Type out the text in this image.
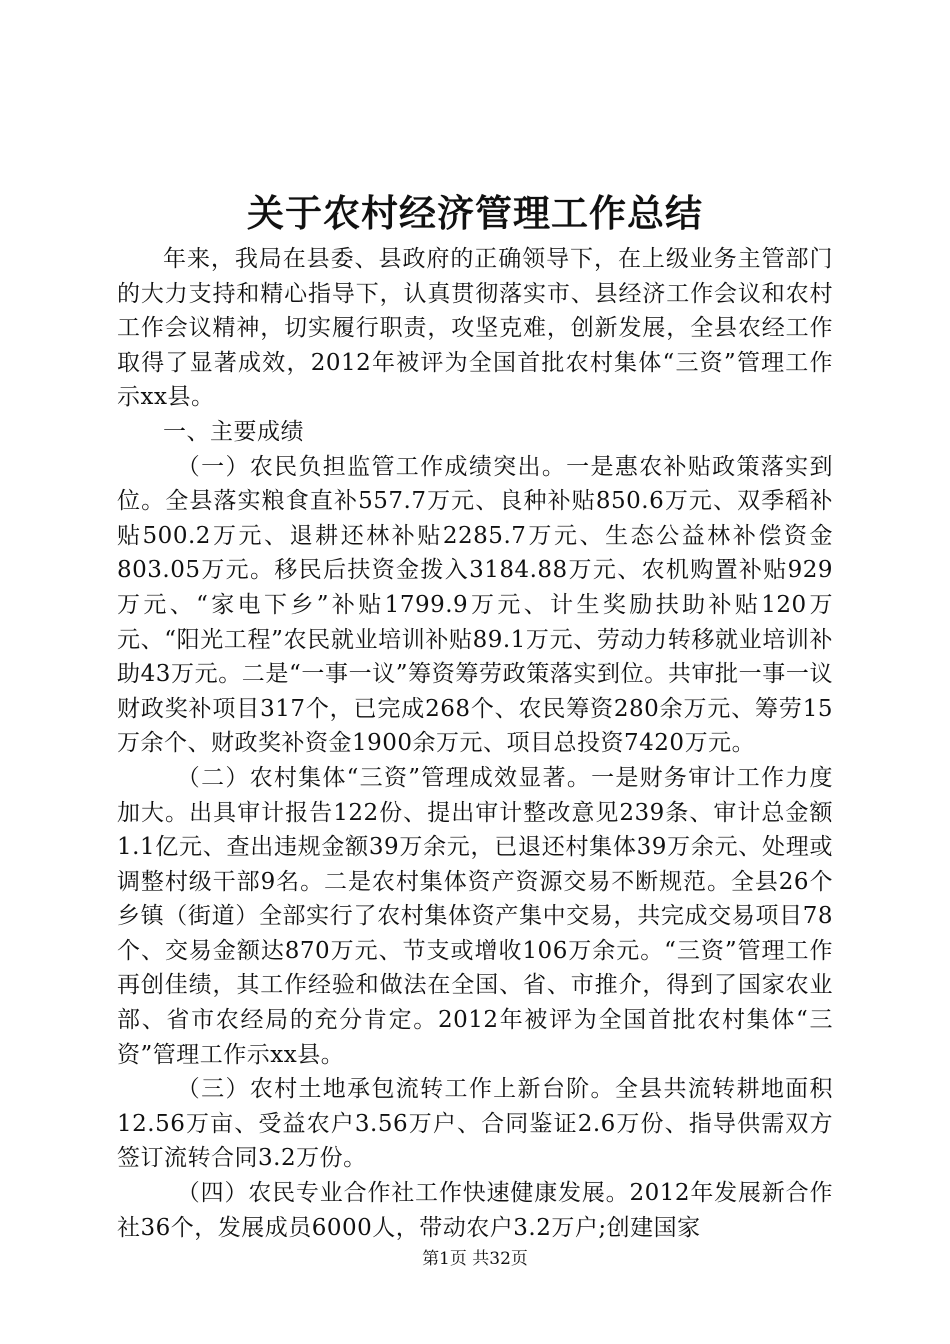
关于农村经济管理工作总结

年来，我局在县委、县政府的正确领导下，在上级业务主管部门的大力支持和精心指导下，认真贯彻落实市、县经济工作会议和农村工作会议精神，切实履行职责，攻坚克难，创新发展，全县农经工作取得了显著成效，2012年被评为全国首批农村集体“三资”管理工作示xx县。

一、主要成绩

（一）农民负担监管工作成绩突出。一是惠农补贴政策落实到位。全县落实粮食直补557.7万元、良种补贴850.6万元、双季稻补贴500.2万元、退耕还林补贴2285.7万元、生态公益林补偿资金803.05万元。移民后扶资金拨入3184.88万元、农机购置补贴929万元、“家电下乡”补贴1799.9万元、计生奖励扶助补贴120万元、“阳光工程”农民就业培训补贴89.1万元、劳动力转移就业培训补助43万元。二是“一事一议”筹资筹劳政策落实到位。共审批一事一议财政奖补项目317个，已完成268个、农民筹资280余万元、筹劳15万余个、财政奖补资金1900余万元、项目总投资7420万元。

（二）农村集体“三资”管理成效显著。一是财务审计工作力度加大。出具审计报告122份、提出审计整改意见239条、审计总金额1.1亿元、查出违规金额39万余元，已退还村集体39万余元、处理或调整村级干部9名。二是农村集体资产资源交易不断规范。全县26个乡镇（街道）全部实行了农村集体资产集中交易，共完成交易项目78个、交易金额达870万元、节支或增收106万余元。“三资”管理工作再创佳绩，其工作经验和做法在全国、省、市推介，得到了国家农业部、省市农经局的充分肯定。2012年被评为全国首批农村集体“三资”管理工作示xx县。

（三）农村土地承包流转工作上新台阶。全县共流转耕地面积12.56万亩、受益农户3.56万户、合同鉴证2.6万份、指导供需双方签订流转合同3.2万份。

（四）农民专业合作社工作快速健康发展。2012年发展新合作社36个，发展成员6000人，带动农户3.2万户;创建国家

第1页 共32页
